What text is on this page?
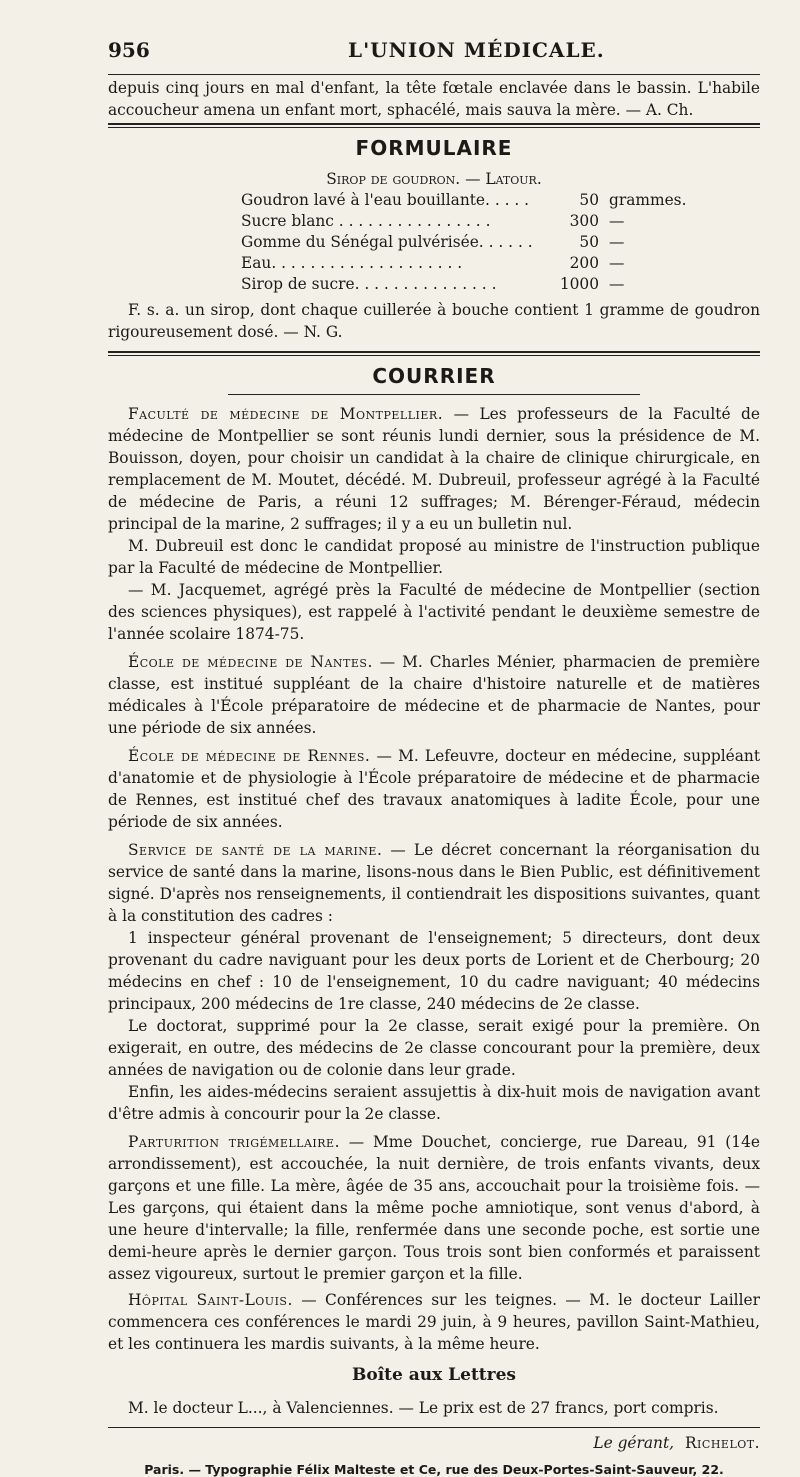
956	L'UNION MÉDICALE.

depuis cinq jours en mal d'enfant, la tête fœtale enclavée dans le bassin. L'habile accoucheur amena un enfant mort, sphacélé, mais sauva la mère. — A. Ch.

FORMULAIRE
Sirop de goudron. — Latour.
Goudron lavé à l'eau bouillante. . . . .	50	grammes.
Sucre blanc . . . . . . . . . . . . . . . .	300	—
Gomme du Sénégal pulvérisée. . . . . .	50	—
Eau. . . . . . . . . . . . . . . . . . . .	200	—
Sirop de sucre. . . . . . . . . . . . . . .	1000	—

F. s. a. un sirop, dont chaque cuillerée à bouche contient 1 gramme de goudron rigoureusement dosé. — N. G.

COURRIER

Faculté de médecine de Montpellier. — Les professeurs de la Faculté de médecine de Montpellier se sont réunis lundi dernier, sous la présidence de M. Bouisson, doyen, pour choisir un candidat à la chaire de clinique chirurgicale, en remplacement de M. Moutet, décédé. M. Dubreuil, professeur agrégé à la Faculté de médecine de Paris, a réuni 12 suffrages; M. Bérenger-Féraud, médecin principal de la marine, 2 suffrages; il y a eu un bulletin nul.

M. Dubreuil est donc le candidat proposé au ministre de l'instruction publique par la Faculté de médecine de Montpellier.

— M. Jacquemet, agrégé près la Faculté de médecine de Montpellier (section des sciences physiques), est rappelé à l'activité pendant le deuxième semestre de l'année scolaire 1874-75.

École de médecine de Nantes. — M. Charles Ménier, pharmacien de première classe, est institué suppléant de la chaire d'histoire naturelle et de matières médicales à l'École préparatoire de médecine et de pharmacie de Nantes, pour une période de six années.

École de médecine de Rennes. — M. Lefeuvre, docteur en médecine, suppléant d'anatomie et de physiologie à l'École préparatoire de médecine et de pharmacie de Rennes, est institué chef des travaux anatomiques à ladite École, pour une période de six années.

Service de santé de la marine. — Le décret concernant la réorganisation du service de santé dans la marine, lisons-nous dans le Bien Public, est définitivement signé. D'après nos renseignements, il contiendrait les dispositions suivantes, quant à la constitution des cadres :

1 inspecteur général provenant de l'enseignement; 5 directeurs, dont deux provenant du cadre naviguant pour les deux ports de Lorient et de Cherbourg; 20 médecins en chef : 10 de l'enseignement, 10 du cadre naviguant; 40 médecins principaux, 200 médecins de 1re classe, 240 médecins de 2e classe.

Le doctorat, supprimé pour la 2e classe, serait exigé pour la première. On exigerait, en outre, des médecins de 2e classe concourant pour la première, deux années de navigation ou de colonie dans leur grade.

Enfin, les aides-médecins seraient assujettis à dix-huit mois de navigation avant d'être admis à concourir pour la 2e classe.

Parturition trigémellaire. — Mme Douchet, concierge, rue Dareau, 91 (14e arrondissement), est accouchée, la nuit dernière, de trois enfants vivants, deux garçons et une fille. La mère, âgée de 35 ans, accouchait pour la troisième fois. — Les garçons, qui étaient dans la même poche amniotique, sont venus d'abord, à une heure d'intervalle; la fille, renfermée dans une seconde poche, est sortie une demi-heure après le dernier garçon. Tous trois sont bien conformés et paraissent assez vigoureux, surtout le premier garçon et la fille.

Hôpital Saint-Louis. — Conférences sur les teignes. — M. le docteur Lailler commencera ces conférences le mardi 29 juin, à 9 heures, pavillon Saint-Mathieu, et les continuera les mardis suivants, à la même heure.

Boîte aux Lettres

M. le docteur L..., à Valenciennes. — Le prix est de 27 francs, port compris.

Le gérant, Richelot.
Paris. — Typographie Félix Malteste et Ce, rue des Deux-Portes-Saint-Sauveur, 22.
